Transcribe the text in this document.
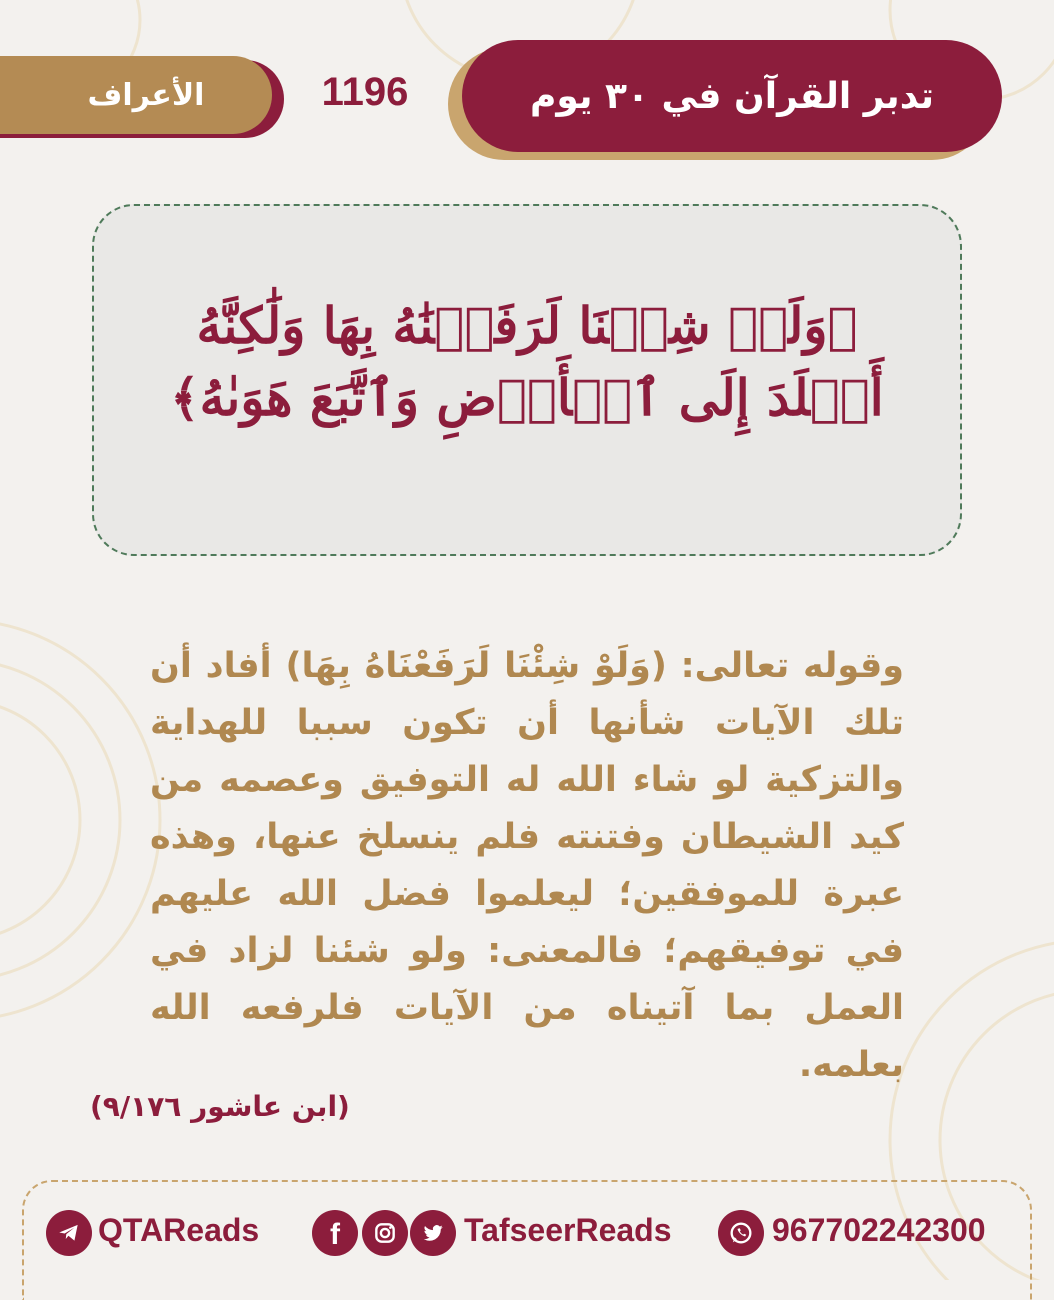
تدبر القرآن في ٣٠ يوم
1196
الأعراف
﴿وَلَوۡ شِئۡنَا لَرَفَعۡنَٰهُ بِهَا وَلَٰكِنَّهُ
أَخۡلَدَ إِلَى ٱلۡأَرۡضِ وَٱتَّبَعَ هَوَىٰهُ﴾
وقوله تعالى: (وَلَوْ شِئْنَا لَرَفَعْنَاهُ بِهَا) أفاد أن تلك الآيات شأنها أن تكون سببا للهداية والتزكية لو شاء الله له التوفيق وعصمه من كيد الشيطان وفتنته فلم ينسلخ عنها، وهذه عبرة للموفقين؛ ليعلموا فضل الله عليهم في توفيقهم؛ فالمعنى: ولو شئنا لزاد في العمل بما آتيناه من الآيات فلرفعه الله بعلمه.
(ابن عاشور ٩/١٧٦)
QTAReads f	TafseerReads	967702242300
